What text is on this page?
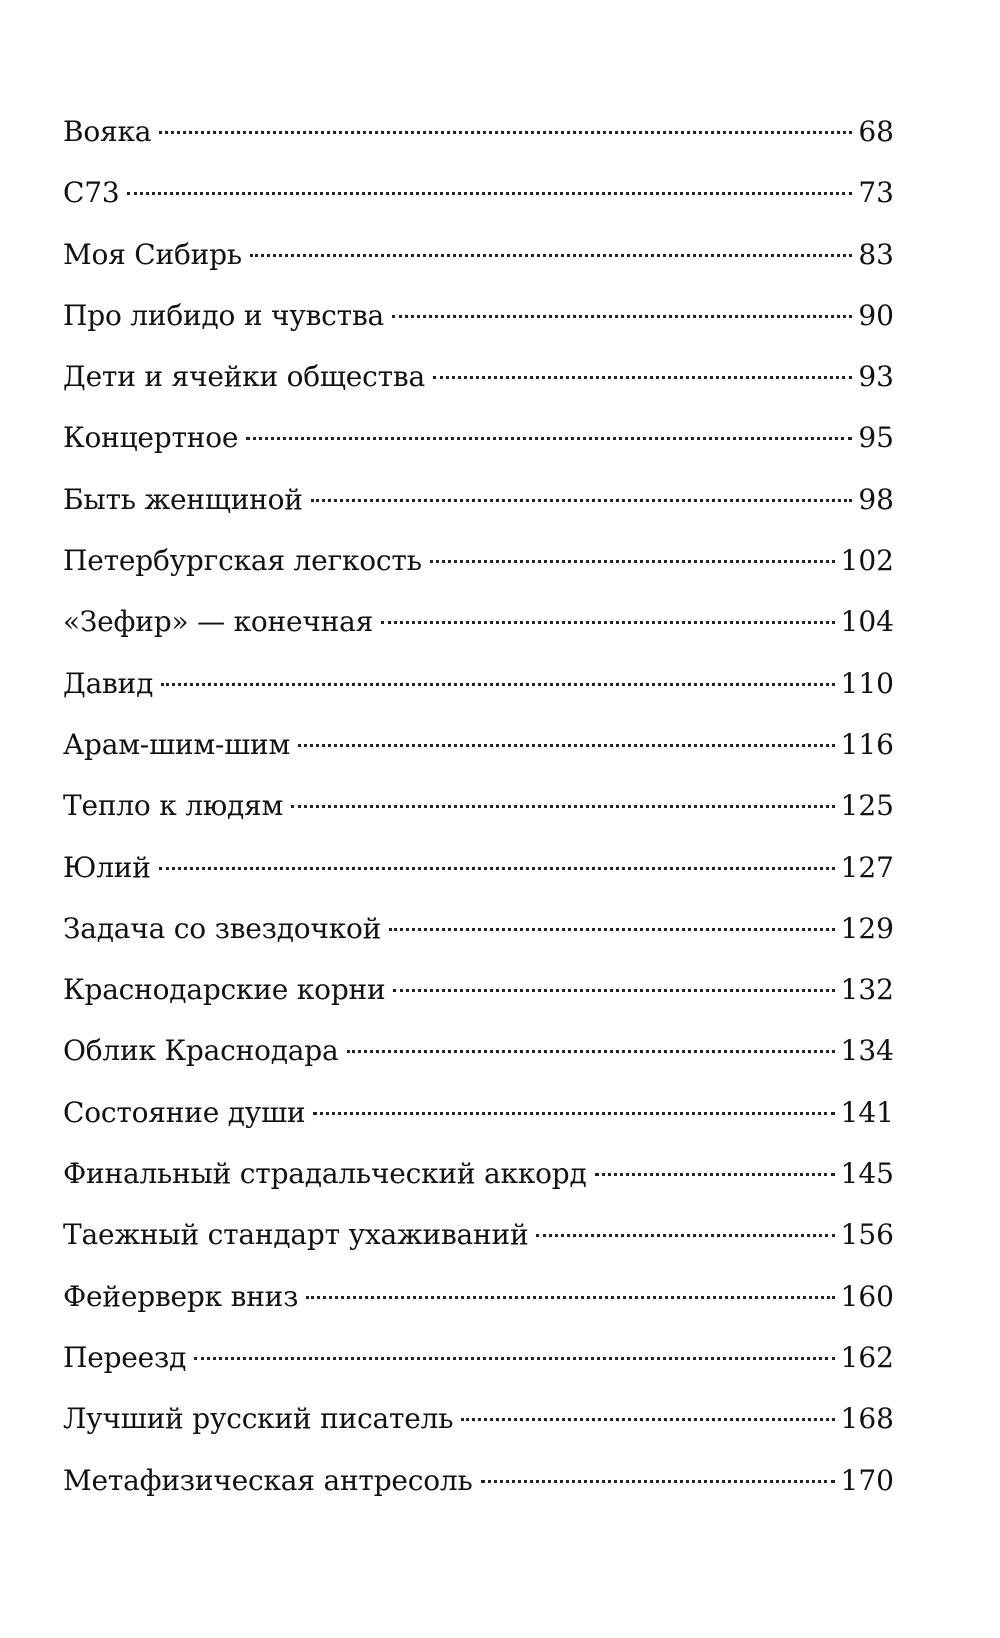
Вояка	68
С73	73
Моя Сибирь	83
Про либидо и чувства	90
Дети и ячейки общества	93
Концертное	95
Быть женщиной	98
Петербургская легкость	102
«Зефир» — конечная	104
Давид	110
Арам-шим-шим	116
Тепло к людям	125
Юлий	127
Задача со звездочкой	129
Краснодарские корни	132
Облик Краснодара	134
Состояние души	141
Финальный страдальческий аккорд	145
Таежный стандарт ухаживаний	156
Фейерверк вниз	160
Переезд	162
Лучший русский писатель	168
Метафизическая антресоль	170
